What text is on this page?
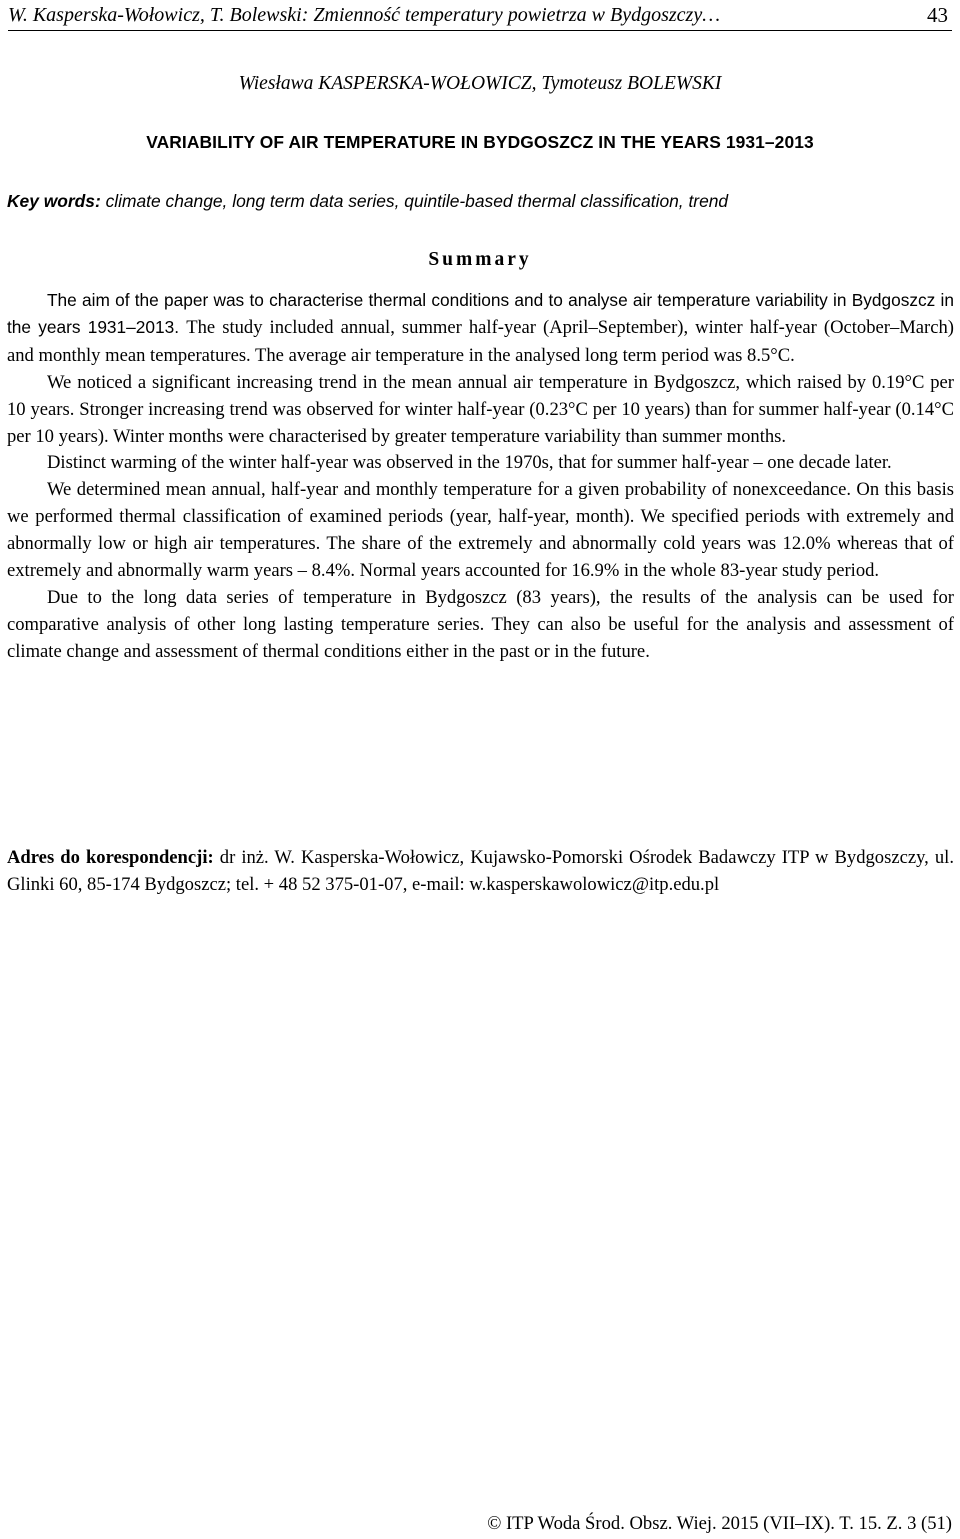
W. Kasperska-Wołowicz, T. Bolewski: Zmienność temperatury powietrza w Bydgoszczy…	43
Wiesława KASPERSKA-WOŁOWICZ, Tymoteusz BOLEWSKI
VARIABILITY OF AIR TEMPERATURE IN BYDGOSZCZ IN THE YEARS 1931–2013
Key words: climate change, long term data series, quintile-based thermal classification, trend
Summary

The aim of the paper was to characterise thermal conditions and to analyse air temperature variability in Bydgoszcz in the years 1931–2013. The study included annual, summer half-year (April–September), winter half-year (October–March) and monthly mean temperatures. The average air temperature in the analysed long term period was 8.5°C.

We noticed a significant increasing trend in the mean annual air temperature in Bydgoszcz, which raised by 0.19°C per 10 years. Stronger increasing trend was observed for winter half-year (0.23°C per 10 years) than for summer half-year (0.14°C per 10 years). Winter months were characterised by greater temperature variability than summer months.

Distinct warming of the winter half-year was observed in the 1970s, that for summer half-year – one decade later.

We determined mean annual, half-year and monthly temperature for a given probability of nonexceedance. On this basis we performed thermal classification of examined periods (year, half-year, month). We specified periods with extremely and abnormally low or high air temperatures. The share of the extremely and abnormally cold years was 12.0% whereas that of extremely and abnormally warm years – 8.4%. Normal years accounted for 16.9% in the whole 83-year study period.

Due to the long data series of temperature in Bydgoszcz (83 years), the results of the analysis can be used for comparative analysis of other long lasting temperature series. They can also be useful for the analysis and assessment of climate change and assessment of thermal conditions either in the past or in the future.

Adres do korespondencji: dr inż. W. Kasperska-Wołowicz, Kujawsko-Pomorski Ośrodek Badawczy ITP w Bydgoszczy, ul. Glinki 60, 85-174 Bydgoszcz; tel. + 48 52 375-01-07, e-mail: w.kasperskawolowicz@itp.edu.pl
© ITP Woda Środ. Obsz. Wiej. 2015 (VII–IX). T. 15. Z. 3 (51)
